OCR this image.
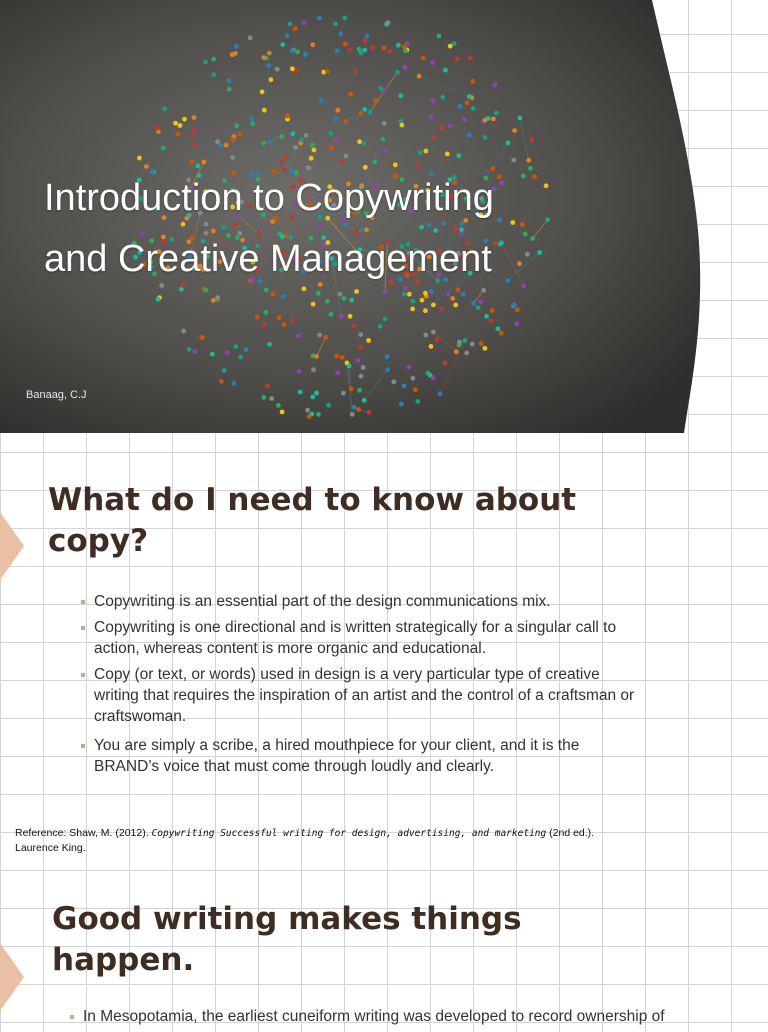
Introduction to Copywriting
and Creative Management
Banaag, C.J
What do I need to know about
copy?
Copywriting is an essential part of the design communications mix.
Copywriting is one directional and is written strategically for a singular call to action, whereas content is more organic and educational.
Copy (or text, or words) used in design is a very particular type of creative writing that requires the inspiration of an artist and the control of a craftsman or craftswoman.
You are simply a scribe, a hired mouthpiece for your client, and it is the BRAND’s voice that must come through loudly and clearly.
Reference: Shaw, M. (2012). Copywriting Successful writing for design, advertising, and marketing (2nd ed.). Laurence King.
Good writing makes things
happen.
In Mesopotamia, the earliest cuneiform writing was developed to record ownership of
